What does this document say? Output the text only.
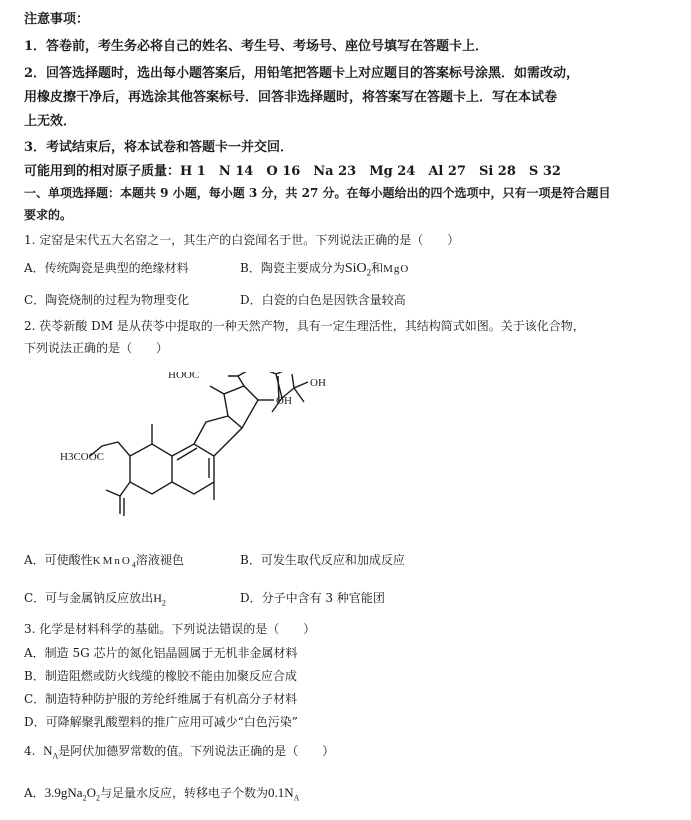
注意事项：
1．答卷前，考生务必将自己的姓名、考生号、考场号、座位号填写在答题卡上．
2．回答选择题时，选出每小题答案后，用铅笔把答题卡上对应题目的答案标号涂黑．如需改动，
用橡皮擦干净后，再选涂其他答案标号．回答非选择题时，将答案写在答题卡上．写在本试卷
上无效．
3．考试结束后，将本试卷和答题卡一并交回．
可能用到的相对原子质量：H 1　N 14　O 16　Na 23　Mg 24　Al 27　Si 28　S 32
一、单项选择题：本题共 9 小题，每小题 3 分，共 27 分。在每小题给出的四个选项中，只有一项是符合题目
要求的。
1. 定窑是宋代五大名窑之一，其生产的白瓷闻名于世。下列说法正确的是（　　）
A．传统陶瓷是典型的绝缘材料	B．陶瓷主要成分为SiO$_2$和MgO
C．陶瓷烧制的过程为物理变化	D．白瓷的白色是因铁含量较高
2. 茯苓新酸 DM 是从茯苓中提取的一种天然产物，具有一定生理活性，其结构简式如图。关于该化合物，
下列说法正确的是（　　）
HOOC
OH
OH
H3COOC
A．可使酸性KMnO$_4$溶液褪色	B．可发生取代反应和加成反应
C．可与金属钠反应放出$H_2$	D．分子中含有 3 种官能团
3. 化学是材料科学的基础。下列说法错误的是（　　）
A．制造 5G 芯片的氮化铝晶圆属于无机非金属材料
B．制造阻燃或防火线缆的橡胶不能由加聚反应合成
C．制造特种防护服的芳纶纤维属于有机高分子材料
D．可降解聚乳酸塑料的推广应用可减少“白色污染”
4. $N_A$是阿伏加德罗常数的值。下列说法正确的是（　　）
A．$3.9gNa_2O_2$与足量水反应，转移电子个数为$0.1N_A$
